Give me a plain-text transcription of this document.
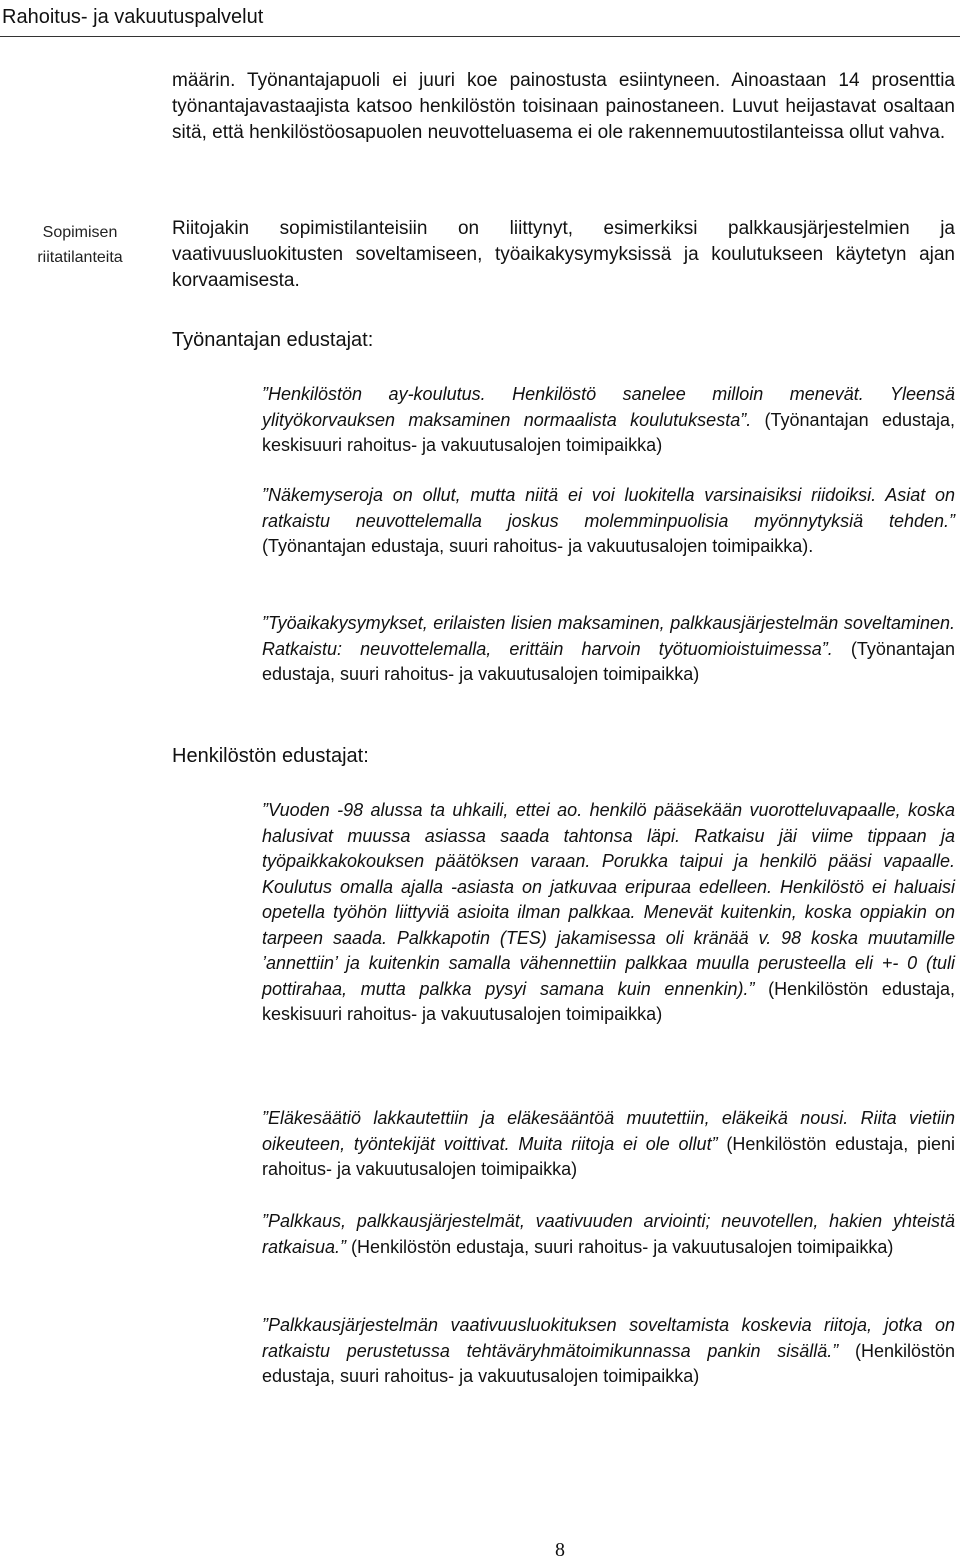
Rahoitus- ja vakuutuspalvelut
määrin. Työnantajapuoli ei juuri koe painostusta esiintyneen. Ainoastaan 14 prosenttia työnantajavastaajista katsoo henkilöstön toisinaan painostaneen. Luvut heijastavat osaltaan sitä, että henkilöstöosapuolen neuvotteluasema ei ole rakennemuutostilanteissa ollut vahva.
Sopimisen
riitatilanteita
Riitojakin sopimistilanteisiin on liittynyt, esimerkiksi palkkausjärjestelmien ja vaativuusluokitusten soveltamiseen, työaikakysymyksissä ja koulutukseen käytetyn ajan korvaamisesta.
Työnantajan edustajat:
”Henkilöstön ay-koulutus. Henkilöstö sanelee milloin menevät. Yleensä ylityökorvauksen maksaminen normaalista koulutuksesta”. (Työnantajan edustaja, keskisuuri rahoitus- ja vakuutusalojen toimipaikka)
”Näkemyseroja on ollut, mutta niitä ei voi luokitella varsinaisiksi riidoiksi. Asiat on ratkaistu neuvottelemalla joskus molemminpuolisia myönnytyksiä tehden.” (Työnantajan edustaja, suuri rahoitus- ja vakuutusalojen toimipaikka).
”Työaikakysymykset, erilaisten lisien maksaminen, palkkausjärjestelmän soveltaminen. Ratkaistu: neuvottelemalla, erittäin harvoin työtuomioistuimessa”. (Työnantajan edustaja, suuri rahoitus- ja vakuutusalojen toimipaikka)
Henkilöstön edustajat:
”Vuoden -98 alussa ta uhkaili, ettei ao. henkilö pääsekään vuorotteluvapaalle, koska halusivat muussa asiassa saada tahtonsa läpi. Ratkaisu jäi viime tippaan ja työpaikkakokouksen päätöksen varaan. Porukka taipui ja henkilö pääsi vapaalle. Koulutus omalla ajalla -asiasta on jatkuvaa eripuraa edelleen. Henkilöstö ei haluaisi opetella työhön liittyviä asioita ilman palkkaa. Menevät kuitenkin, koska oppiakin on tarpeen saada. Palkkapotin (TES) jakamisessa oli kränää v. 98 koska muutamille ’annettiin’ ja kuitenkin samalla vähennettiin palkkaa muulla perusteella eli +- 0 (tuli pottirahaa, mutta palkka pysyi samana kuin ennenkin).” (Henkilöstön edustaja, keskisuuri rahoitus- ja vakuutusalojen toimipaikka)
”Eläkesäätiö lakkautettiin ja eläkesääntöä muutettiin, eläkeikä nousi. Riita vietiin oikeuteen, työntekijät voittivat. Muita riitoja ei ole ollut” (Henkilöstön edustaja, pieni rahoitus- ja vakuutusalojen toimipaikka)
”Palkkaus, palkkausjärjestelmät, vaativuuden arviointi; neuvotellen, hakien yhteistä ratkaisua.” (Henkilöstön edustaja, suuri rahoitus- ja vakuutusalojen toimipaikka)
”Palkkausjärjestelmän vaativuusluokituksen soveltamista koskevia riitoja, jotka on ratkaistu perustetussa tehtäväryhmätoimikunnassa pankin sisällä.” (Henkilöstön edustaja, suuri rahoitus- ja vakuutusalojen toimipaikka)
8
